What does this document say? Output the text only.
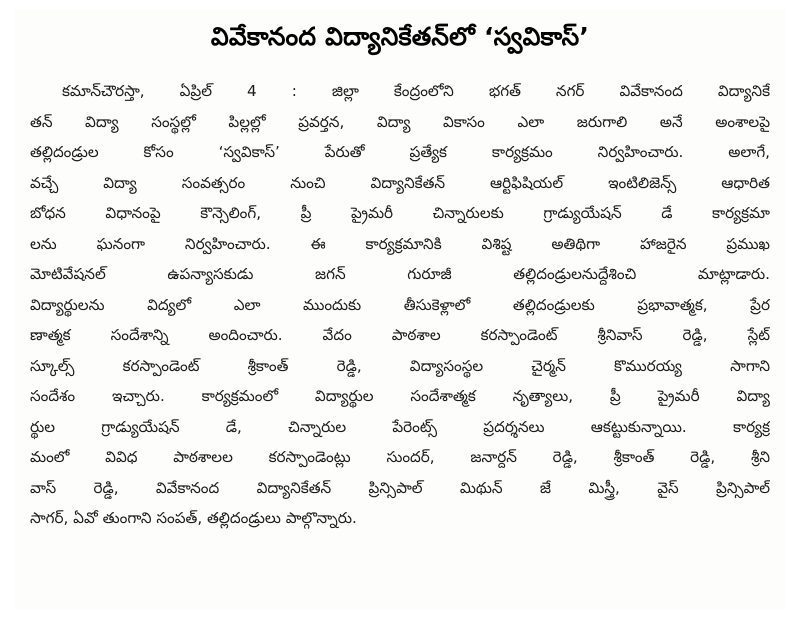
వివేకానంద విద్యానికేతన్‌లో ‘స్వవికాస్‌’
కమాన్‌చౌరస్తా, ఏప్రిల్‌ 4 : జిల్లా కేంద్రంలోని భగత్‌ నగర్‌ వివేకానంద విద్యానికే
తన్‌ విద్యా సంస్థల్లో పిల్లల్లో ప్రవర్తన, విద్యా వికాసం ఎలా జరుగాలి అనే అంశాలపై
తల్లిదండ్రుల కోసం ‘స్వవికాస్‌’ పేరుతో ప్రత్యేక కార్యక్రమం నిర్వహించారు. అలాగే,
వచ్చే విద్యా సంవత్సరం నుంచి విద్యానికేతన్‌ ఆర్టిఫిషియల్‌ ఇంటిలిజెన్స్‌ ఆధారిత
బోధన విధానంపై కౌన్సెలింగ్‌, ప్రీ ప్రైమరీ చిన్నారులకు గ్రాడ్యుయేషన్‌ డే కార్యక్రమా
లను ఘనంగా నిర్వహించారు. ఈ కార్యక్రమానికి విశిష్ట అతిథిగా హాజరైన ప్రముఖ
మోటివేషనల్‌ ఉపన్యాసకుడు జగన్‌ గురూజీ తల్లిదండ్రులనుద్దేశించి మాట్లాడారు.
విద్యార్థులను విద్యలో ఎలా ముందుకు తీసుకెళ్లాలో తల్లిదండ్రులకు ప్రభావాత్మక, ప్రేర
ణాత్మక సందేశాన్ని అందించారు. వేదం పాఠశాల కరస్పాండెంట్‌ శ్రీనివాస్‌ రెడ్డి, స్లేట్‌
స్కూల్స్‌ కరస్పాండెంట్‌ శ్రీకాంత్‌ రెడ్డి, విద్యాసంస్థల చైర్మన్‌ కొమురయ్య సాగాని
సందేశం ఇచ్చారు. కార్యక్రమంలో విద్యార్థుల సందేశాత్మక నృత్యాలు, ప్రీ ప్రైమరీ విద్యా
ర్థుల గ్రాడ్యుయేషన్‌ డే, చిన్నారుల పేరెంట్స్‌ ప్రదర్శనలు ఆకట్టుకున్నాయి. కార్యక్ర
మంలో వివిధ పాఠశాలల కరస్పాండెంట్లు సుందర్‌, జనార్దన్‌ రెడ్డి, శ్రీకాంత్‌ రెడ్డి, శ్రీని
వాస్‌ రెడ్డి, వివేకానంద విద్యానికేతన్‌ ప్రిన్సిపాల్‌ మిథున్‌ జే మిస్త్రీ, వైస్‌ ప్రిన్సిపాల్‌
సాగర్‌, ఏవో తుంగాని సంపత్‌, తల్లిదండ్రులు పాల్గొన్నారు.
